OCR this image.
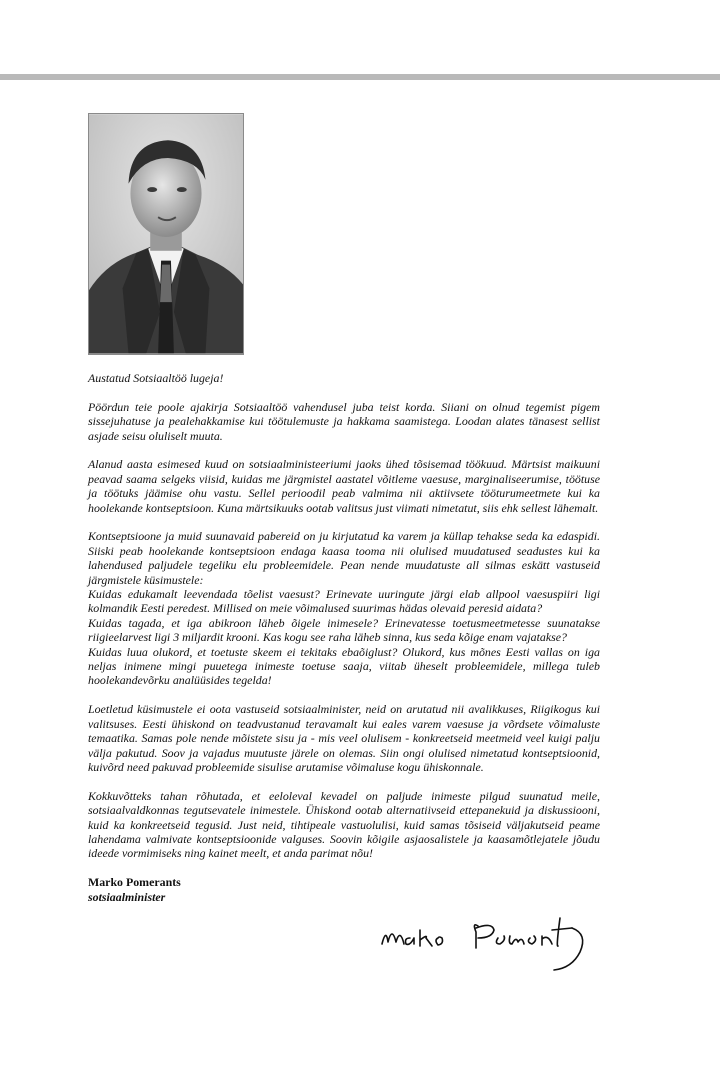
Austatud Sotsiaaltöö lugeja!

Pöördun teie poole ajakirja Sotsiaaltöö vahendusel juba teist korda. Siiani on olnud tegemist pigem sissejuhatuse ja pealehakkamise kui töötulemuste ja hakkama saamistega. Loodan alates tänasest sellist asjade seisu oluliselt muuta.

Alanud aasta esimesed kuud on sotsiaalministeeriumi jaoks ühed tõsisemad töökuud. Märtsist maikuuni peavad saama selgeks viisid, kuidas me järgmistel aastatel võitleme vaesuse, marginaliseerumise, töötuse ja töötuks jäämise ohu vastu. Sellel perioodil peab valmima nii aktiivsete tööturumeetmete kui ka hoolekande kontseptsioon. Kuna märtsikuuks ootab valitsus just viimati nimetatut, siis ehk sellest lähemalt.

Kontseptsioone ja muid suunavaid pabereid on ju kirjutatud ka varem ja küllap tehakse seda ka edaspidi. Siiski peab hoolekande kontseptsioon endaga kaasa tooma nii olulised muudatused seadustes kui ka lahendused paljudele tegeliku elu probleemidele. Pean nende muudatuste all silmas eskätt vastuseid järgmistele küsimustele:
Kuidas edukamalt leevendada tõelist vaesust? Erinevate uuringute järgi elab allpool vaesuspiiri ligi kolmandik Eesti peredest. Millised on meie võimalused suurimas hädas olevaid peresid aidata?
Kuidas tagada, et iga abikroon läheb õigele inimesele? Erinevatesse toetusmeetmetesse suunatakse riigieelarvest ligi 3 miljardit krooni. Kas kogu see raha läheb sinna, kus seda kõige enam vajatakse?
Kuidas luua olukord, et toetuste skeem ei tekitaks ebaõiglust? Olukord, kus mõnes Eesti vallas on iga neljas inimene mingi puuetega inimeste toetuse saaja, viitab üheselt probleemidele, millega tuleb hoolekandevõrku analüüsides tegelda!

Loetletud küsimustele ei oota vastuseid sotsiaalminister, neid on arutatud nii avalikkuses, Riigikogus kui valitsuses. Eesti ühiskond on teadvustanud teravamalt kui eales varem vaesuse ja võrdsete võimaluste temaatika. Samas pole nende mõistete sisu ja - mis veel olulisem - konkreetseid meetmeid veel kuigi palju välja pakutud. Soov ja vajadus muutuste järele on olemas. Siin ongi olulised nimetatud kontseptsioonid, kuivõrd need pakuvad probleemide sisulise arutamise võimaluse kogu ühiskonnale.

Kokkuvõtteks tahan rõhutada, et eeloleval kevadel on paljude inimeste pilgud suunatud meile, sotsiaalvaldkonnas tegutsevatele inimestele. Ühiskond ootab alternatiivseid ettepanekuid ja diskussiooni, kuid ka konkreetseid tegusid. Just neid, tihtipeale vastuolulisi, kuid samas tõsiseid väljakutseid peame lahendama valmivate kontseptsioonide valguses. Soovin kõigile asjaosalistele ja kaasamõtlejatele jõudu ideede vormimiseks ning kainet meelt, et anda parimat nõu!

Marko Pomerants
sotsiaalminister
